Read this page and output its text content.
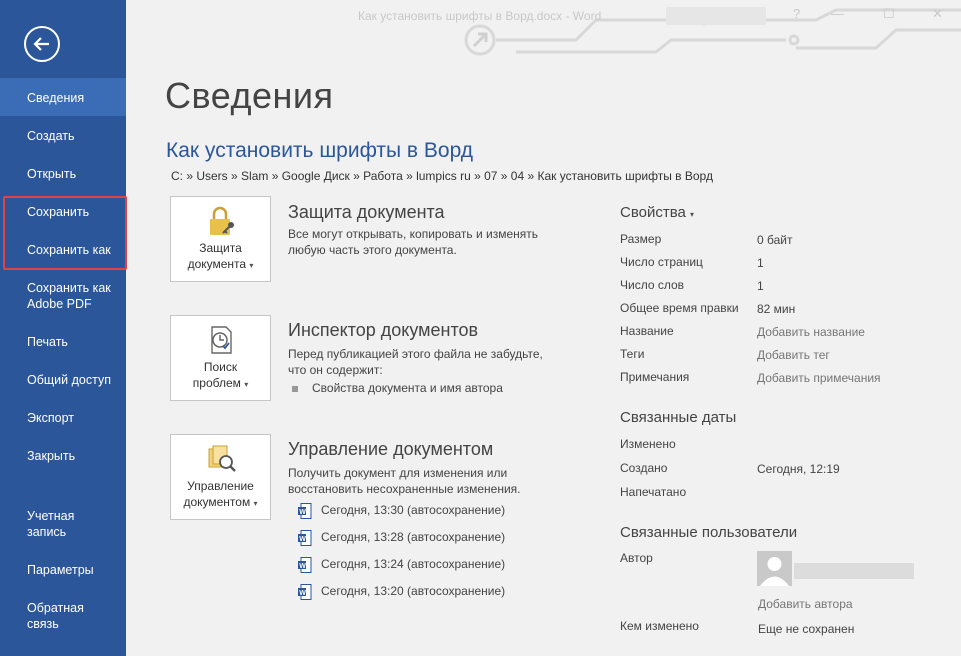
Сведения
Создать
Открыть
Сохранить
Сохранить как
Сохранить как Adobe PDF
Печать
Общий доступ
Экспорт
Закрыть
Учетная запись
Параметры
Обратная связь
Как установить шрифты в Ворд.docx - Word	? —	☐	✕
Сведения
Как установить шрифты в Ворд
C: » Users » Slam » Google Диск » Работа » lumpics ru » 07 » 04 » Как установить шрифты в Ворд
Защита
документа ▾
Защита документа
Все могут открывать, копировать и изменять любую часть этого документа.
Поиск
проблем ▾
Инспектор документов
Перед публикацией этого файла не забудьте, что он содержит:
Свойства документа и имя автора
Управление
документом ▾
Управление документом
Получить документ для изменения или восстановить несохраненные изменения.
W Сегодня, 13:30 (автосохранение)
W Сегодня, 13:28 (автосохранение)
W Сегодня, 13:24 (автосохранение)
W Сегодня, 13:20 (автосохранение)
Свойства ▾
Размер	0 байт
Число страниц	1
Число слов	1
Общее время правки 82 мин
Название	Добавить название
Теги	Добавить тег
Примечания	Добавить примечания
Связанные даты
Изменено
Создано	Сегодня, 12:19
Напечатано
Связанные пользователи
Автор
Добавить автора
Кем изменено	Еще не сохранен
